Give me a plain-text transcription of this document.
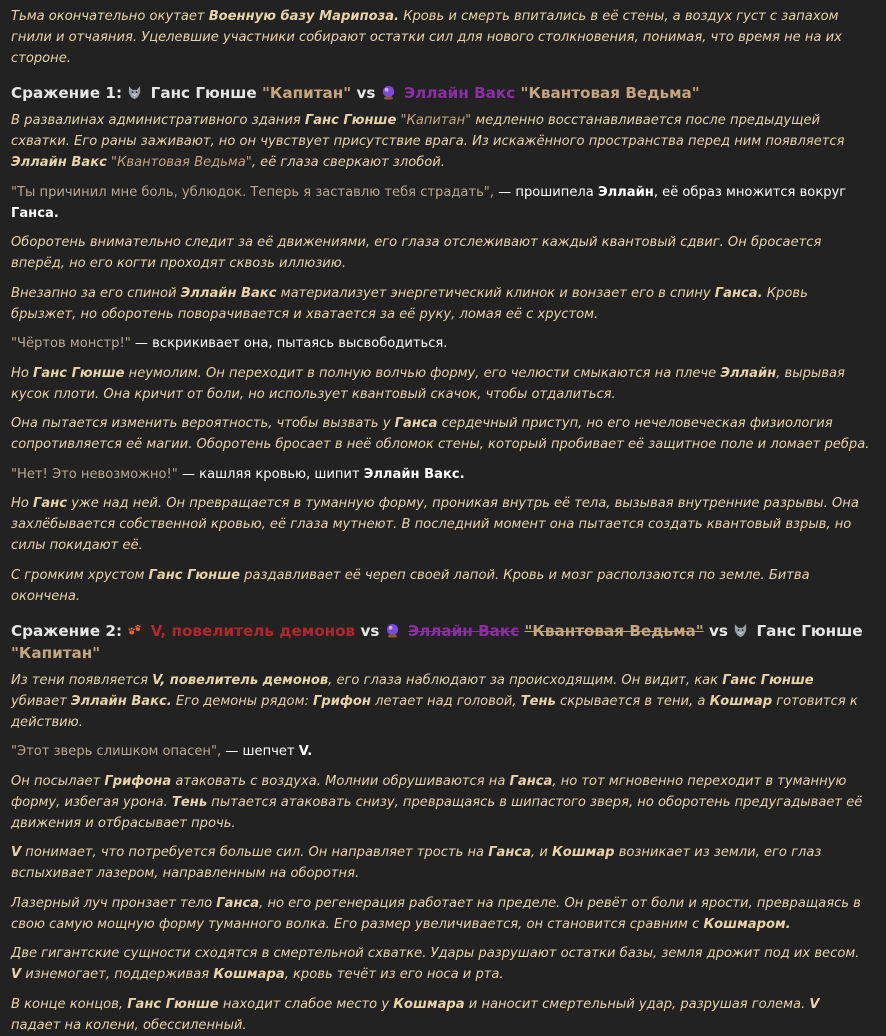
Тьма окончательно окутает Военную базу Марипоза. Кровь и смерть впитались в её стены, а воздух густ с запахом гнили и отчаяния. Уцелевшие участники собирают остатки сил для нового столкновения, понимая, что время не на их стороне.

Сражение 1: Ганс Гюнше "Капитан" vs Эллайн Вакс "Квантовая Ведьма"

В развалинах административного здания Ганс Гюнше "Капитан" медленно восстанавливается после предыдущей схватки. Его раны заживают, но он чувствует присутствие врага. Из искажённого пространства перед ним появляется Эллайн Вакс "Квантовая Ведьма", её глаза сверкают злобой.

"Ты причинил мне боль, ублюдок. Теперь я заставлю тебя страдать", — прошипела Эллайн, её образ множится вокруг Ганса.

Оборотень внимательно следит за её движениями, его глаза отслеживают каждый квантовый сдвиг. Он бросается вперёд, но его когти проходят сквозь иллюзию.

Внезапно за его спиной Эллайн Вакс материализует энергетический клинок и вонзает его в спину Ганса. Кровь брызжет, но оборотень поворачивается и хватается за её руку, ломая её с хрустом.

"Чёртов монстр!" — вскрикивает она, пытаясь высвободиться.

Но Ганс Гюнше неумолим. Он переходит в полную волчью форму, его челюсти смыкаются на плече Эллайн, вырывая кусок плоти. Она кричит от боли, но использует квантовый скачок, чтобы отдалиться.

Она пытается изменить вероятность, чтобы вызвать у Ганса сердечный приступ, но его нечеловеческая физиология сопротивляется её магии. Оборотень бросает в неё обломок стены, который пробивает её защитное поле и ломает ребра.

"Нет! Это невозможно!" — кашляя кровью, шипит Эллайн Вакс.

Но Ганс уже над ней. Он превращается в туманную форму, проникая внутрь её тела, вызывая внутренние разрывы. Она захлёбывается собственной кровью, её глаза мутнеют. В последний момент она пытается создать квантовый взрыв, но силы покидают её.

С громким хрустом Ганс Гюнше раздавливает её череп своей лапой. Кровь и мозг расползаются по земле. Битва окончена.

Сражение 2: V, повелитель демонов vs Эллайн Вакс "Квантовая Ведьма" vs Ганс Гюнше "Капитан"

Из тени появляется V, повелитель демонов, его глаза наблюдают за происходящим. Он видит, как Ганс Гюнше убивает Эллайн Вакс. Его демоны рядом: Грифон летает над головой, Тень скрывается в тени, а Кошмар готовится к действию.

"Этот зверь слишком опасен", — шепчет V.

Он посылает Грифона атаковать с воздуха. Молнии обрушиваются на Ганса, но тот мгновенно переходит в туманную форму, избегая урона. Тень пытается атаковать снизу, превращаясь в шипастого зверя, но оборотень предугадывает её движения и отбрасывает прочь.

V понимает, что потребуется больше сил. Он направляет трость на Ганса, и Кошмар возникает из земли, его глаз вспыхивает лазером, направленным на оборотня.

Лазерный луч пронзает тело Ганса, но его регенерация работает на пределе. Он ревёт от боли и ярости, превращаясь в свою самую мощную форму туманного волка. Его размер увеличивается, он становится сравним с Кошмаром.

Две гигантские сущности сходятся в смертельной схватке. Удары разрушают остатки базы, земля дрожит под их весом. V изнемогает, поддерживая Кошмара, кровь течёт из его носа и рта.

В конце концов, Ганс Гюнше находит слабое место у Кошмара и наносит смертельный удар, разрушая голема. V падает на колени, обессиленный.
